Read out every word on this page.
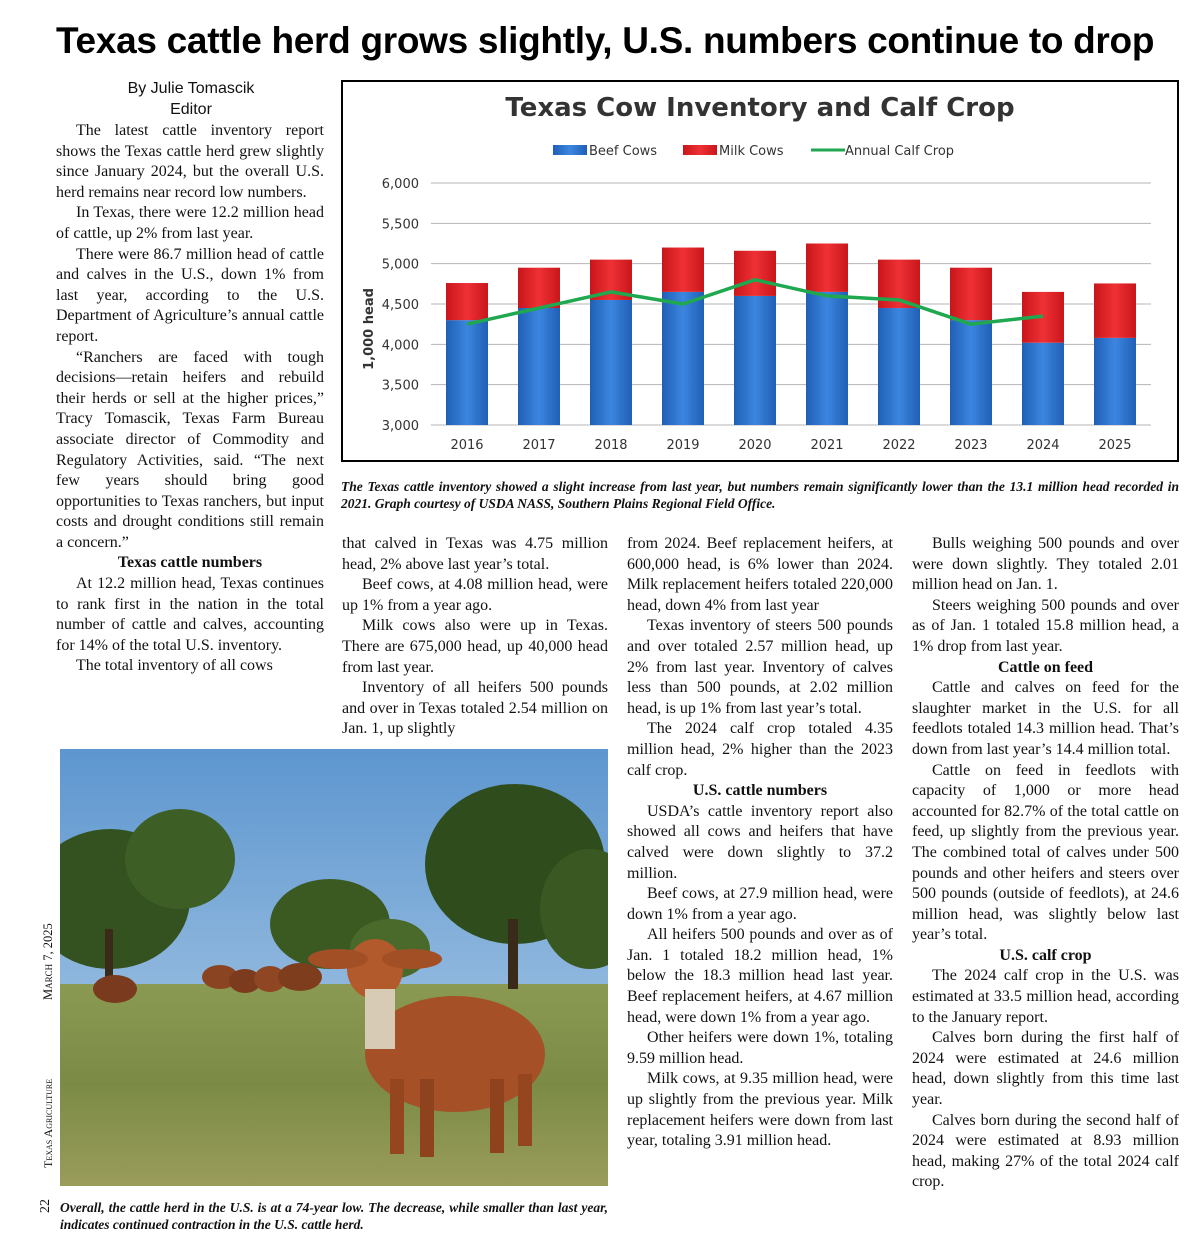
Texas cattle herd grows slightly, U.S. numbers continue to drop
By Julie Tomascik
Editor

The latest cattle inventory report shows the Texas cattle herd grew slightly since January 2024, but the overall U.S. herd remains near record low numbers.

In Texas, there were 12.2 million head of cattle, up 2% from last year.

There were 86.7 million head of cattle and calves in the U.S., down 1% from last year, according to the U.S. Department of Agriculture’s annual cattle report.

“Ranchers are faced with tough decisions—retain heifers and rebuild their herds or sell at the higher prices,” Tracy Tomascik, Texas Farm Bureau associate director of Commodity and Regulatory Activities, said. “The next few years should bring good opportunities to Texas ranchers, but input costs and drought conditions still remain a concern.”

Texas cattle numbers

At 12.2 million head, Texas continues to rank first in the nation in the total number of cattle and calves, accounting for 14% of the total U.S. inventory.

The total inventory of all cows

Texas Cow Inventory and Calf Crop
Beef Cows	Milk Cows	Annual Calf Crop
1,000 head
6,000
5,500
5,000
4,500
4,000
3,500
3,000
2016	2017	2018	2019	2020	2021	2022	2023	2024	2025
The Texas cattle inventory showed a slight increase from last year, but numbers remain significantly lower than the 13.1 million head recorded in 2021. Graph courtesy of USDA NASS, Southern Plains Regional Field Office.

that calved in Texas was 4.75 million head, 2% above last year’s total.

Beef cows, at 4.08 million head, were up 1% from a year ago.

Milk cows also were up in Texas. There are 675,000 head, up 40,000 head from last year.

Inventory of all heifers 500 pounds and over in Texas totaled 2.54 million on Jan. 1, up slightly

from 2024. Beef replacement heifers, at 600,000 head, is 6% lower than 2024. Milk replacement heifers totaled 220,000 head, down 4% from last year

Texas inventory of steers 500 pounds and over totaled 2.57 million head, up 2% from last year. Inventory of calves less than 500 pounds, at 2.02 million head, is up 1% from last year’s total.

The 2024 calf crop totaled 4.35 million head, 2% higher than the 2023 calf crop.

U.S. cattle numbers

USDA’s cattle inventory report also showed all cows and heifers that have calved were down slightly to 37.2 million.

Beef cows, at 27.9 million head, were down 1% from a year ago.

All heifers 500 pounds and over as of Jan. 1 totaled 18.2 million head, 1% below the 18.3 million head last year. Beef replacement heifers, at 4.67 million head, were down 1% from a year ago.

Other heifers were down 1%, totaling 9.59 million head.

Milk cows, at 9.35 million head, were up slightly from the previous year. Milk replacement heifers were down from last year, totaling 3.91 million head.

Bulls weighing 500 pounds and over were down slightly. They totaled 2.01 million head on Jan. 1.

Steers weighing 500 pounds and over as of Jan. 1 totaled 15.8 million head, a 1% drop from last year.

Cattle on feed

Cattle and calves on feed for the slaughter market in the U.S. for all feedlots totaled 14.3 million head. That’s down from last year’s 14.4 million total.

Cattle on feed in feedlots with capacity of 1,000 or more head accounted for 82.7% of the total cattle on feed, up slightly from the previous year. The combined total of calves under 500 pounds and other heifers and steers over 500 pounds (outside of feedlots), at 24.6 million head, was slightly below last year’s total.

U.S. calf crop

The 2024 calf crop in the U.S. was estimated at 33.5 million head, according to the January report.

Calves born during the first half of 2024 were estimated at 24.6 million head, down slightly from this time last year.

Calves born during the second half of 2024 were estimated at 8.93 million head, making 27% of the total 2024 calf crop.

Overall, the cattle herd in the U.S. is at a 74-year low. The decrease, while smaller than last year, indicates continued contraction in the U.S. cattle herd.
March 7, 2025
Texas Agriculture
22
